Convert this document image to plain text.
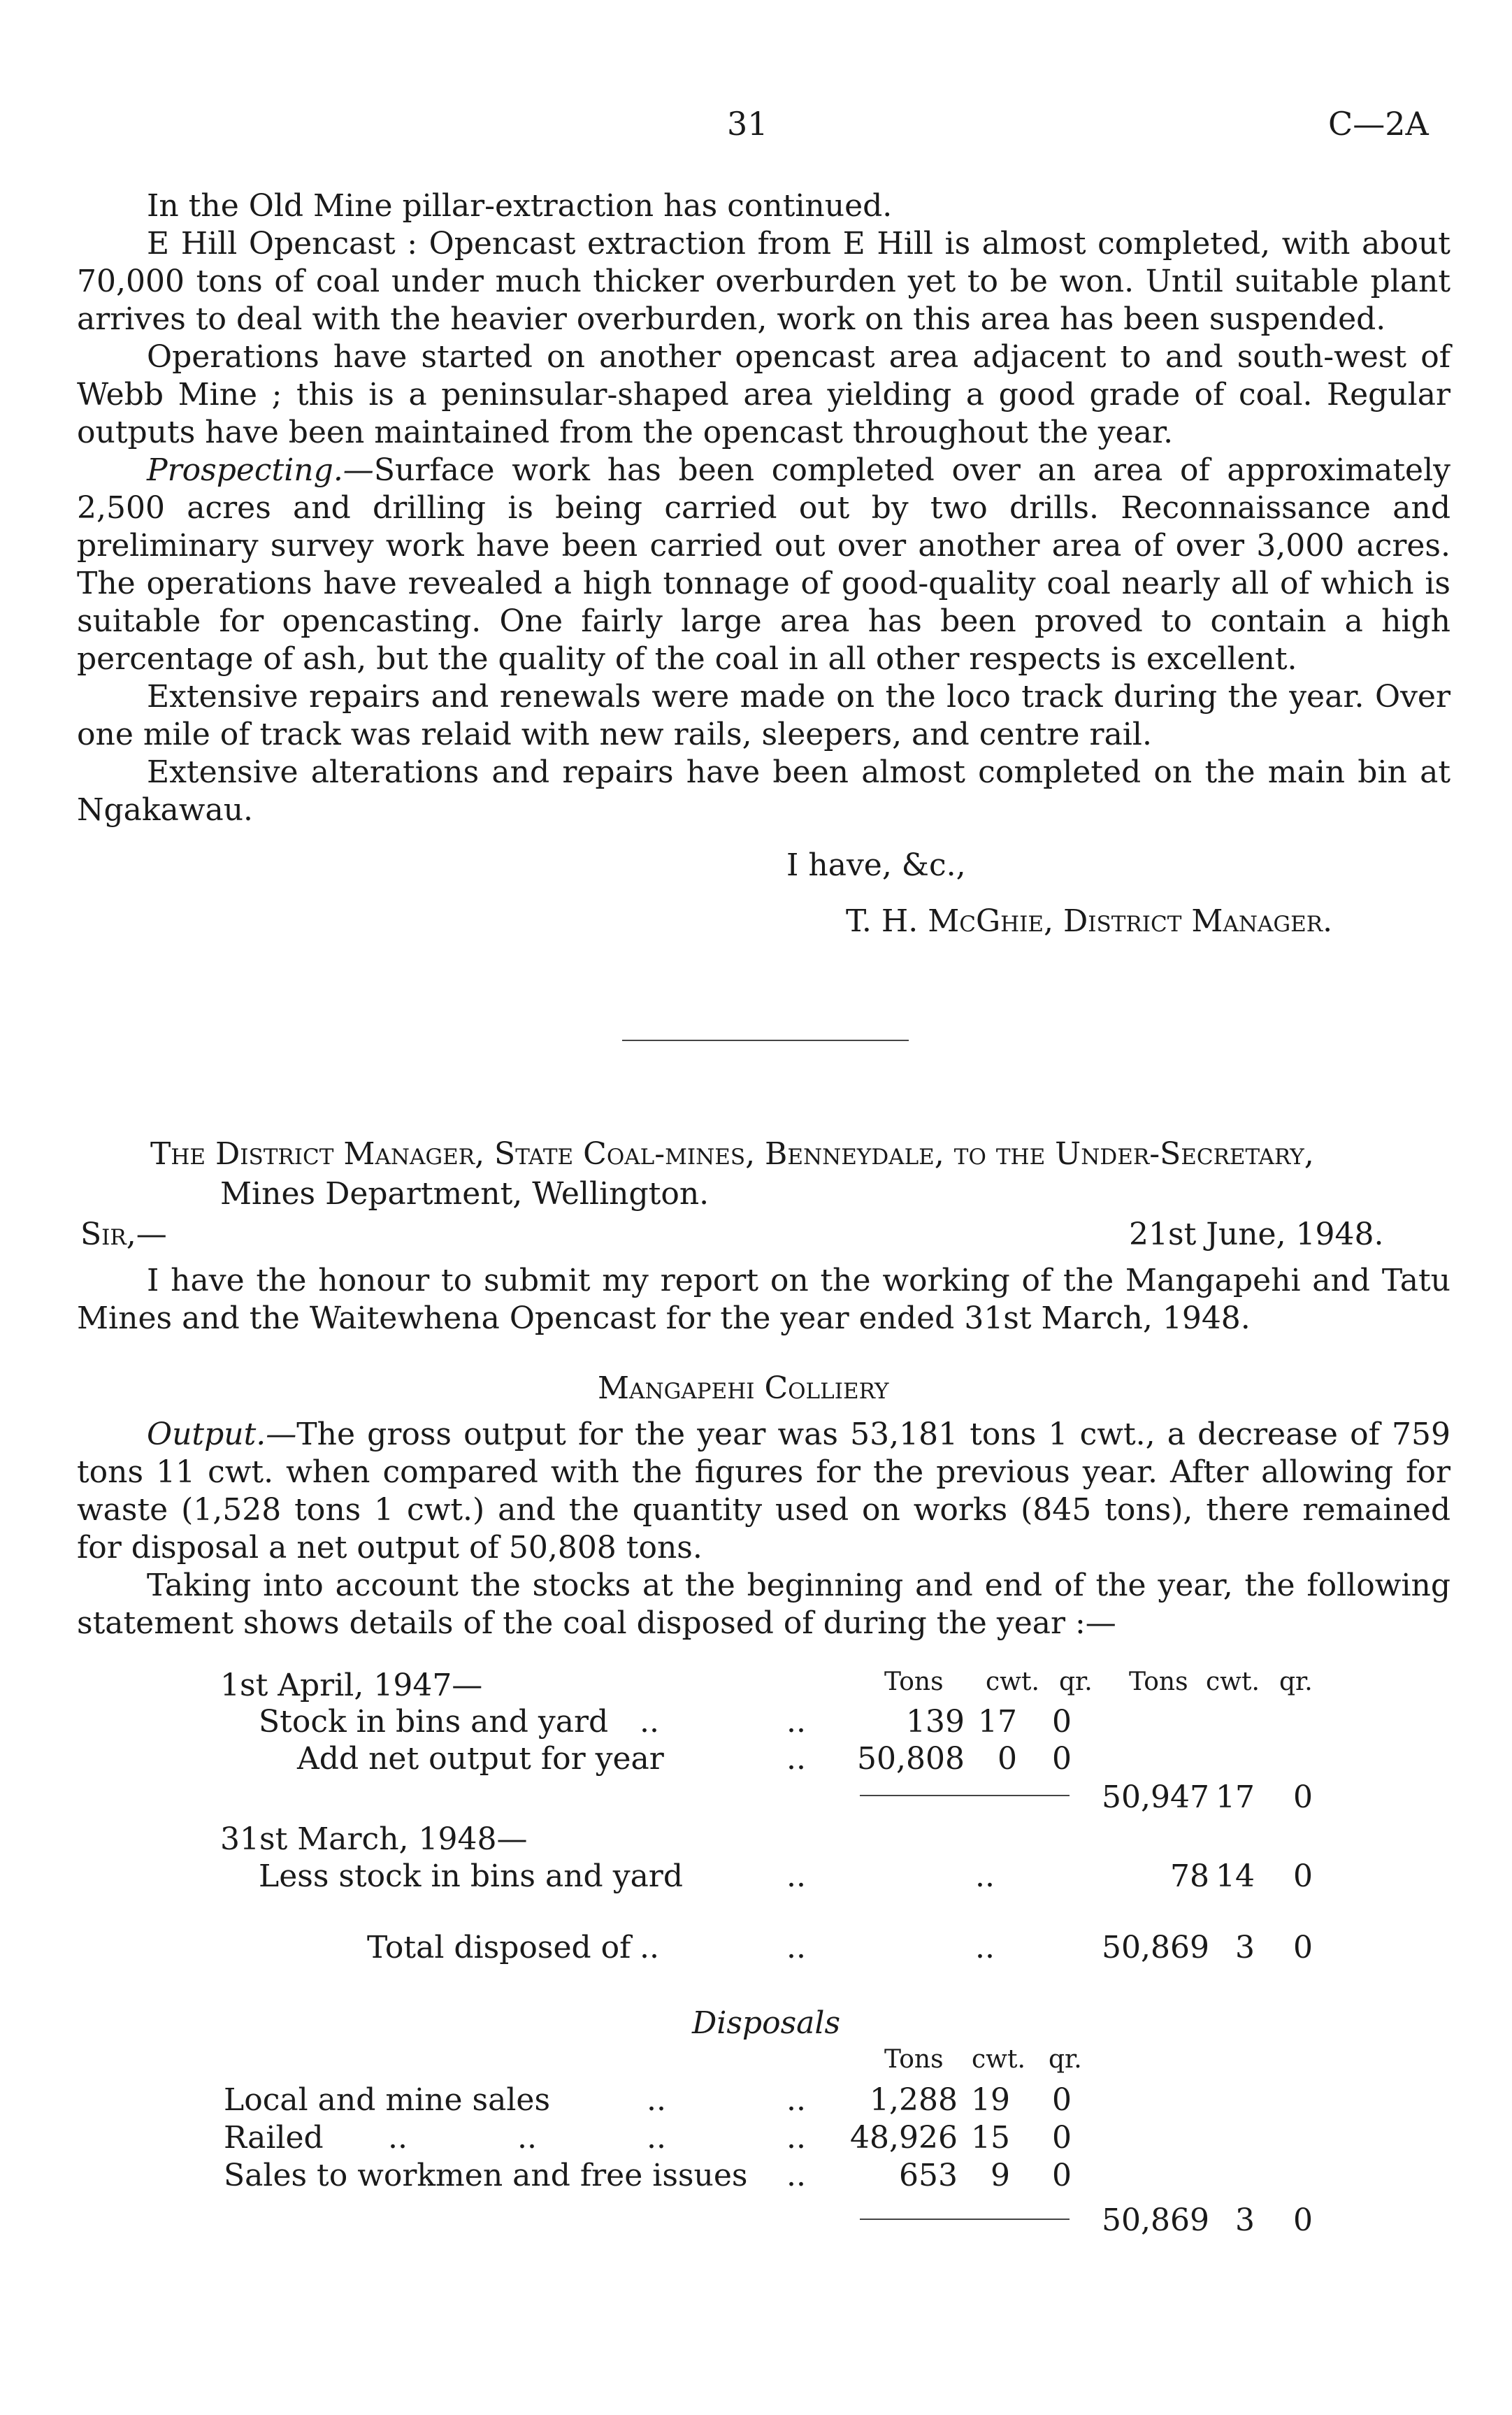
31	C—2A

In the Old Mine pillar-extraction has continued.

E Hill Opencast : Opencast extraction from E Hill is almost completed, with about 70,000 tons of coal under much thicker overburden yet to be won. Until suitable plant arrives to deal with the heavier overburden, work on this area has been suspended.

Operations have started on another opencast area adjacent to and south-west of Webb Mine ; this is a peninsular-shaped area yielding a good grade of coal. Regular outputs have been maintained from the opencast throughout the year.

Prospecting.—Surface work has been completed over an area of approximately 2,500 acres and drilling is being carried out by two drills. Reconnaissance and preliminary survey work have been carried out over another area of over 3,000 acres. The operations have revealed a high tonnage of good-quality coal nearly all of which is suitable for opencasting. One fairly large area has been proved to contain a high percentage of ash, but the quality of the coal in all other respects is excellent.

Extensive repairs and renewals were made on the loco track during the year. Over one mile of track was relaid with new rails, sleepers, and centre rail.

Extensive alterations and repairs have been almost completed on the main bin at Ngakawau.

I have, &c.,
T. H. McGhie, District Manager.
The District Manager, State Coal-mines, Benneydale, to the Under-Secretary,
Mines Department, Wellington.
Sir,—	21st June, 1948.

I have the honour to submit my report on the working of the Mangapehi and Tatu Mines and the Waitewhena Opencast for the year ended 31st March, 1948.

Mangapehi Colliery

Output.—The gross output for the year was 53,181 tons 1 cwt., a decrease of 759 tons 11 cwt. when compared with the figures for the previous year. After allowing for waste (1,528 tons 1 cwt.) and the quantity used on works (845 tons), there remained for disposal a net output of 50,808 tons.

Taking into account the stocks at the beginning and end of the year, the following statement shows details of the coal disposed of during the year :—

Tons cwt. qr. Tons cwt. qr.
1st April, 1947—
Stock in bins and yard ..	..	139 17 0
Add net output for year	..	50,808	0 0
50,947 17 0
31st March, 1948—
Less stock in bins and yard	..	..	78 14 0
Total disposed of ..	..	..	50,869 3 0
Disposals
Tons cwt. qr.
Local and mine sales	..	..	1,288 19 0
Railed ..	..	..	..	48,926 15 0
Sales to workmen and free issues ..	653	9 0
50,869 3 0
